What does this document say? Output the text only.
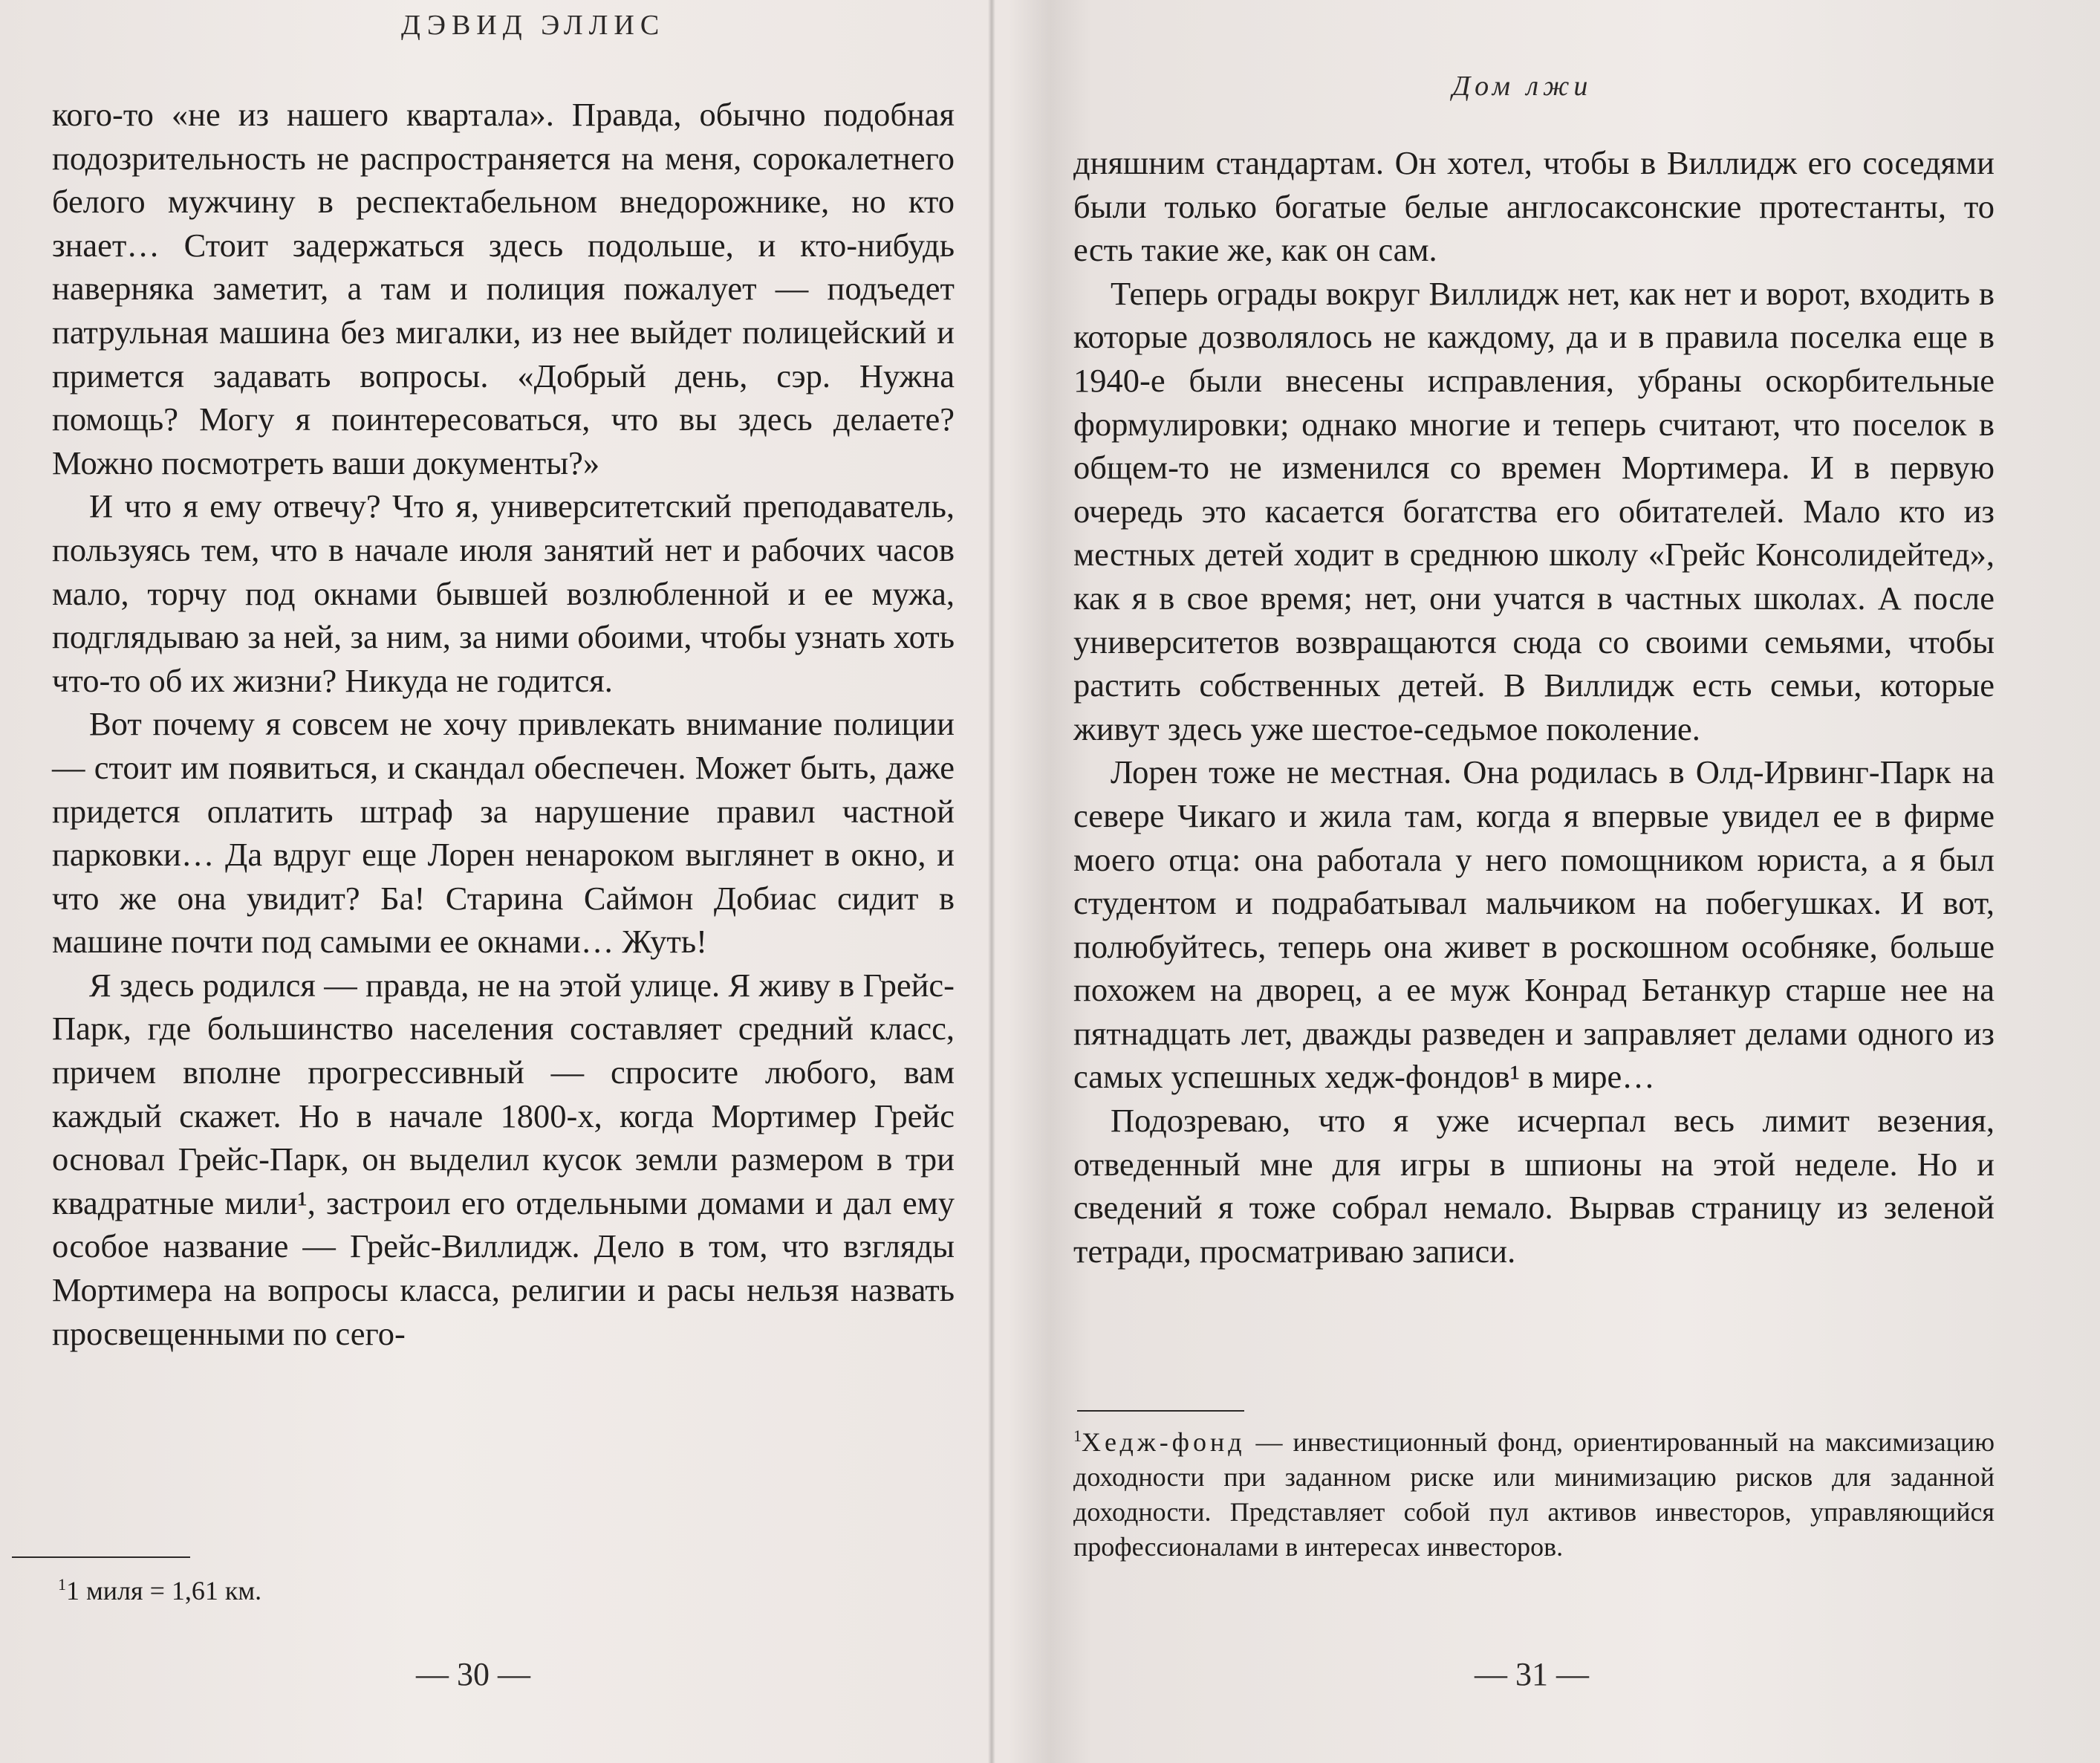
ДЭВИД ЭЛЛИС

кого-то «не из нашего квартала». Правда, обычно подобная подозрительность не распространяется на меня, сорокалетнего белого мужчину в респектабельном внедорожнике, но кто знает… Стоит задержаться здесь подольше, и кто-нибудь наверняка заметит, а там и полиция пожалует — подъедет патрульная машина без мигалки, из нее выйдет полицейский и примется задавать вопросы. «Добрый день, сэр. Нужна помощь? Могу я поинтересоваться, что вы здесь делаете? Можно посмотреть ваши документы?»

И что я ему отвечу? Что я, университетский преподаватель, пользуясь тем, что в начале июля занятий нет и рабочих часов мало, торчу под окнами бывшей возлюбленной и ее мужа, подглядываю за ней, за ним, за ними обоими, чтобы узнать хоть что-то об их жизни? Никуда не годится.

Вот почему я совсем не хочу привлекать внимание полиции — стоит им появиться, и скандал обеспечен. Может быть, даже придется оплатить штраф за нарушение правил частной парковки… Да вдруг еще Лорен ненароком выглянет в окно, и что же она увидит? Ба! Старина Саймон Добиас сидит в машине почти под самыми ее окнами… Жуть!

Я здесь родился — правда, не на этой улице. Я живу в Грейс-Парк, где большинство населения составляет средний класс, причем вполне прогрессивный — спросите любого, вам каждый скажет. Но в начале 1800-х, когда Мортимер Грейс основал Грейс-Парк, он выделил кусок земли размером в три квадратные мили¹, застроил его отдельными домами и дал ему особое название — Грейс-Виллидж. Дело в том, что взгляды Мортимера на вопросы класса, религии и расы нельзя назвать просвещенными по сего-

$^1$1 миля = 1,61 км.
— 30 —
Дом лжи

дняшним стандартам. Он хотел, чтобы в Виллидж его соседями были только богатые белые англосаксонские протестанты, то есть такие же, как он сам.

Теперь ограды вокруг Виллидж нет, как нет и ворот, входить в которые дозволялось не каждому, да и в правила поселка еще в 1940-е были внесены исправления, убраны оскорбительные формулировки; однако многие и теперь считают, что поселок в общем-то не изменился со времен Мортимера. И в первую очередь это касается богатства его обитателей. Мало кто из местных детей ходит в среднюю школу «Грейс Консолидейтед», как я в свое время; нет, они учатся в частных школах. А после университетов возвращаются сюда со своими семьями, чтобы растить собственных детей. В Виллидж есть семьи, которые живут здесь уже шестое-седьмое поколение.

Лорен тоже не местная. Она родилась в Олд-Ирвинг-Парк на севере Чикаго и жила там, когда я впервые увидел ее в фирме моего отца: она работала у него помощником юриста, а я был студентом и подрабатывал мальчиком на побегушках. И вот, полюбуйтесь, теперь она живет в роскошном особняке, больше похожем на дворец, а ее муж Конрад Бетанкур старше нее на пятнадцать лет, дважды разведен и заправляет делами одного из самых успешных хедж-фондов¹ в мире…

Подозреваю, что я уже исчерпал весь лимит везения, отведенный мне для игры в шпионы на этой неделе. Но и сведений я тоже собрал немало. Вырвав страницу из зеленой тетради, просматриваю записи.

$^1$Хедж-фонд — инвестиционный фонд, ориентированный на максимизацию доходности при заданном риске или минимизацию рисков для заданной доходности. Представляет собой пул активов инвесторов, управляющийся профессионалами в интересах инвесторов.
— 31 —
